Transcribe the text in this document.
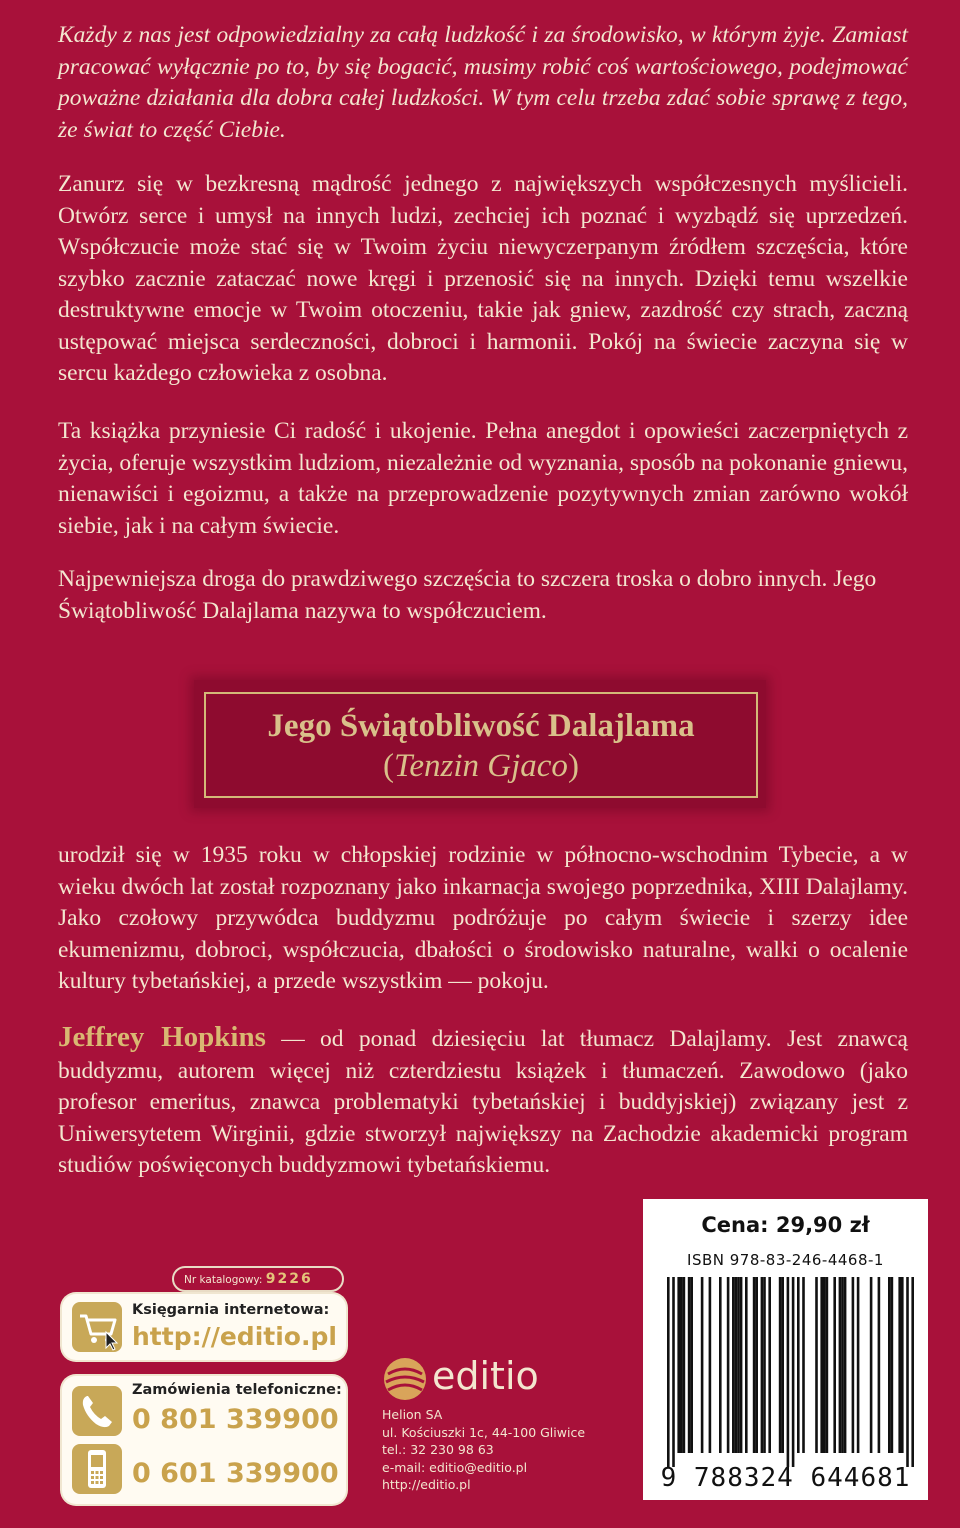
Każdy z nas jest odpowiedzialny za całą ludzkość i za środowisko, w którym żyje. Zamiast pracować wyłącznie po to, by się bogacić, musimy robić coś wartościowego, podejmować poważne działania dla dobra całej ludzkości. W tym celu trzeba zdać sobie sprawę z tego, że świat to część Ciebie.

Zanurz się w bezkresną mądrość jednego z największych współczesnych myślicieli. Otwórz serce i umysł na innych ludzi, zechciej ich poznać i wyzbądź się uprzedzeń. Współczucie może stać się w Twoim życiu niewyczerpanym źródłem szczęścia, które szybko zacznie zataczać nowe kręgi i przenosić się na innych. Dzięki temu wszelkie destruktywne emocje w Twoim otoczeniu, takie jak gniew, zazdrość czy strach, zaczną ustępować miejsca serdeczności, dobroci i harmonii. Pokój na świecie zaczyna się w sercu każdego człowieka z osobna.

Ta książka przyniesie Ci radość i ukojenie. Pełna anegdot i opowieści zaczerpniętych z życia, oferuje wszystkim ludziom, niezależnie od wyznania, sposób na pokonanie gniewu, nienawiści i egoizmu, a także na przeprowadzenie pozytywnych zmian zarówno wokół siebie, jak i na całym świecie.

Najpewniejsza droga do prawdziwego szczęścia to szczera troska o dobro innych. Jego Świątobliwość Dalajlama nazywa to współczuciem.

Jego Świątobliwość Dalajlama
(Tenzin Gjaco)

urodził się w 1935 roku w chłopskiej rodzinie w północno-wschodnim Tybecie, a w wieku dwóch lat został rozpoznany jako inkarnacja swojego poprzednika, XIII Dalajlamy. Jako czołowy przywódca buddyzmu podróżuje po całym świecie i szerzy idee ekumenizmu, dobroci, współczucia, dbałości o środowisko naturalne, walki o ocalenie kultury tybetańskiej, a przede wszystkim — pokoju.

Jeffrey Hopkins — od ponad dziesięciu lat tłumacz Dalajlamy. Jest znawcą buddyzmu, autorem więcej niż czterdziestu książek i tłumaczeń. Zawodowo (jako profesor emeritus, znawca problematyki tybetańskiej i buddyjskiej) związany jest z Uniwersytetem Wirginii, gdzie stworzył największy na Zachodzie akademicki program studiów poświęconych buddyzmowi tybetańskiemu.

Nr katalogowy: 9226
Księgarnia internetowa:
http://editio.pl
Zamówienia telefoniczne:
0 801 339900
0 601 339900
editio
Helion SA
ul. Kościuszki 1c, 44-100 Gliwice
tel.: 32 230 98 63
e-mail: editio@editio.pl
http://editio.pl
Cena: 29,90 zł
ISBN 978-83-246-4468-1
9 788324 644681
